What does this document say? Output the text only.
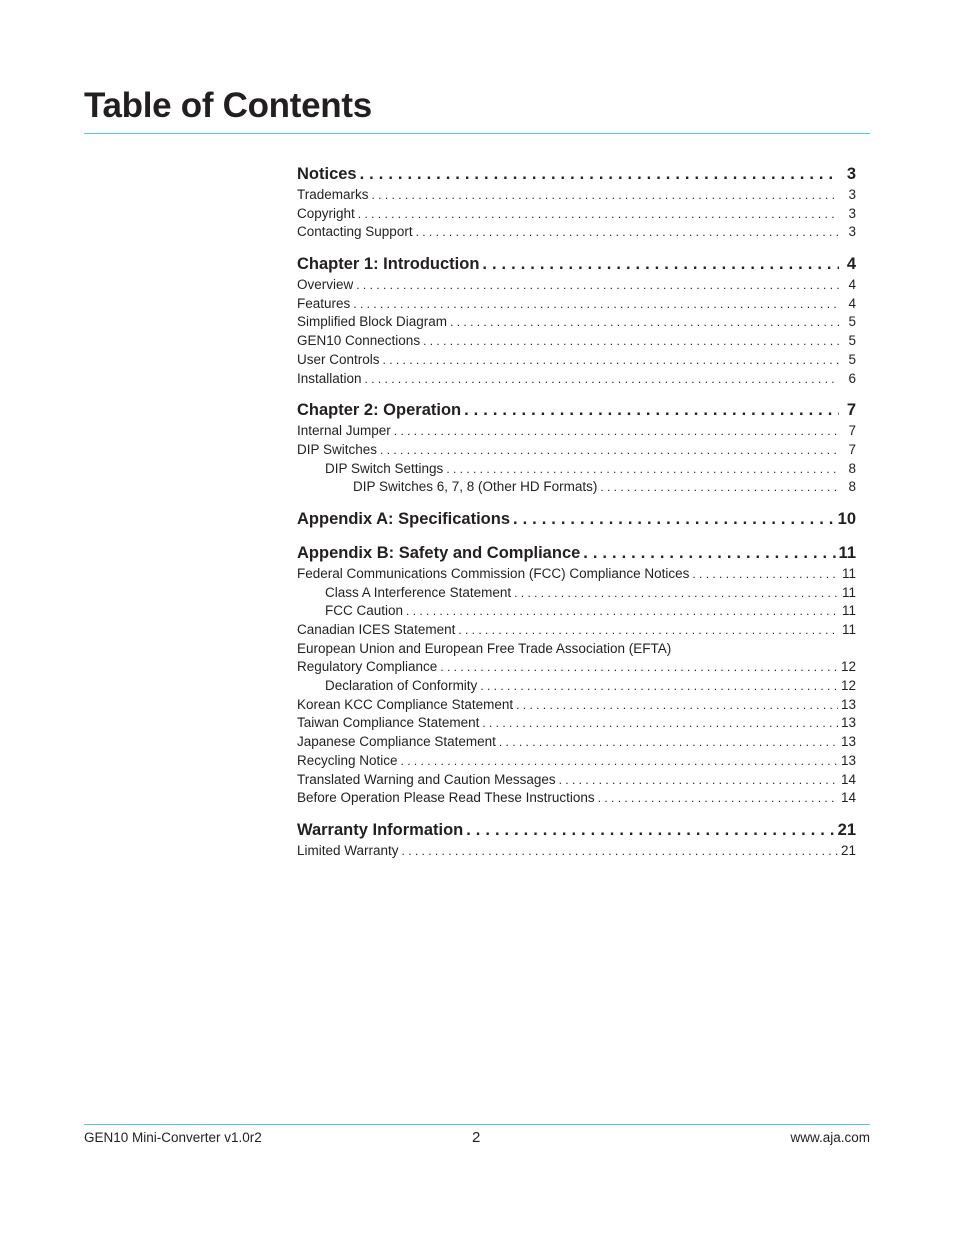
Table of Contents
Notices . . .	3
Trademarks . . .	3
Copyright . . .	3
Contacting Support . . .	3
Chapter 1: Introduction . . .	4
Overview . . .	4
Features . . .	4
Simplified Block Diagram . . .	5
GEN10 Connections . . .	5
User Controls . . .	5
Installation . . .	6
Chapter 2: Operation . . .	7
Internal Jumper . . .	7
DIP Switches . . .	7
DIP Switch Settings . . .	8
DIP Switches 6, 7, 8 (Other HD Formats) . . .	8
Appendix A: Specifications . . .	10
Appendix B: Safety and Compliance . . .	11
Federal Communications Commission (FCC) Compliance Notices . . .	11
Class A Interference Statement . . .	11
FCC Caution . . .	11
Canadian ICES Statement . . .	11
European Union and European Free Trade Association (EFTA)
Regulatory Compliance . . .	12
Declaration of Conformity . . .	12
Korean KCC Compliance Statement . . .	13
Taiwan Compliance Statement . . .	13
Japanese Compliance Statement . . .	13
Recycling Notice . . .	13
Translated Warning and Caution Messages . . .	14
Before Operation Please Read These Instructions . . .	14
Warranty Information . . .	21
Limited Warranty . . .	21
GEN10 Mini-Converter v1.0r2	2	www.aja.com
